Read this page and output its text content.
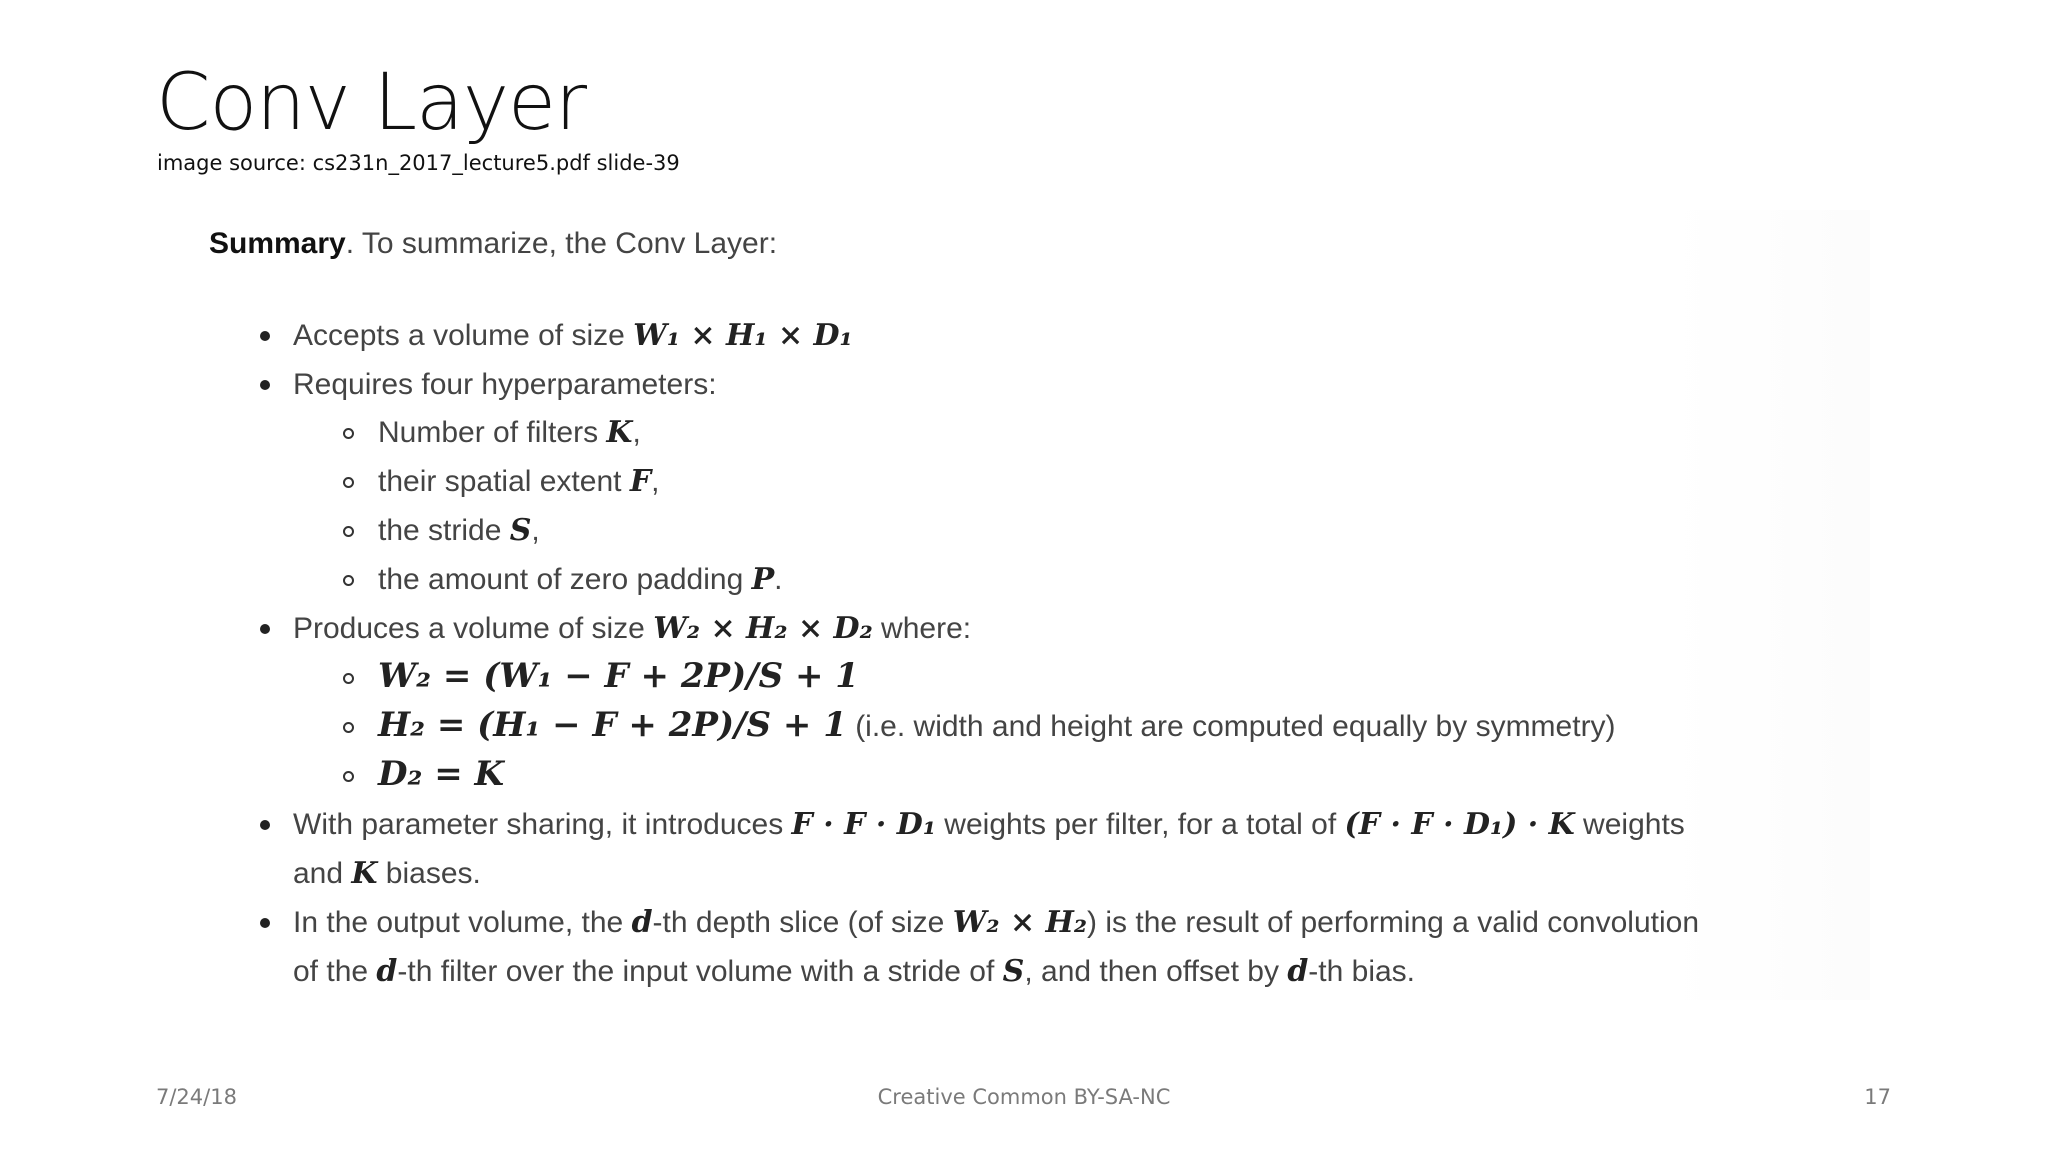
Conv Layer
image source: cs231n_2017_lecture5.pdf slide-39
Summary. To summarize, the Conv Layer:
Accepts a volume of size W₁ × H₁ × D₁
Requires four hyperparameters:
Number of filters K,
their spatial extent F,
the stride S,
the amount of zero padding P.
Produces a volume of size W₂ × H₂ × D₂ where:
W₂ = (W₁ − F + 2P)/S + 1
H₂ = (H₁ − F + 2P)/S + 1 (i.e. width and height are computed equally by symmetry)
D₂ = K
With parameter sharing, it introduces F · F · D₁ weights per filter, for a total of (F · F · D₁) · K weights
and K biases.
In the output volume, the d-th depth slice (of size W₂ × H₂) is the result of performing a valid convolution
of the d-th filter over the input volume with a stride of S, and then offset by d-th bias.
7/24/18	Creative Common BY-SA-NC	17
